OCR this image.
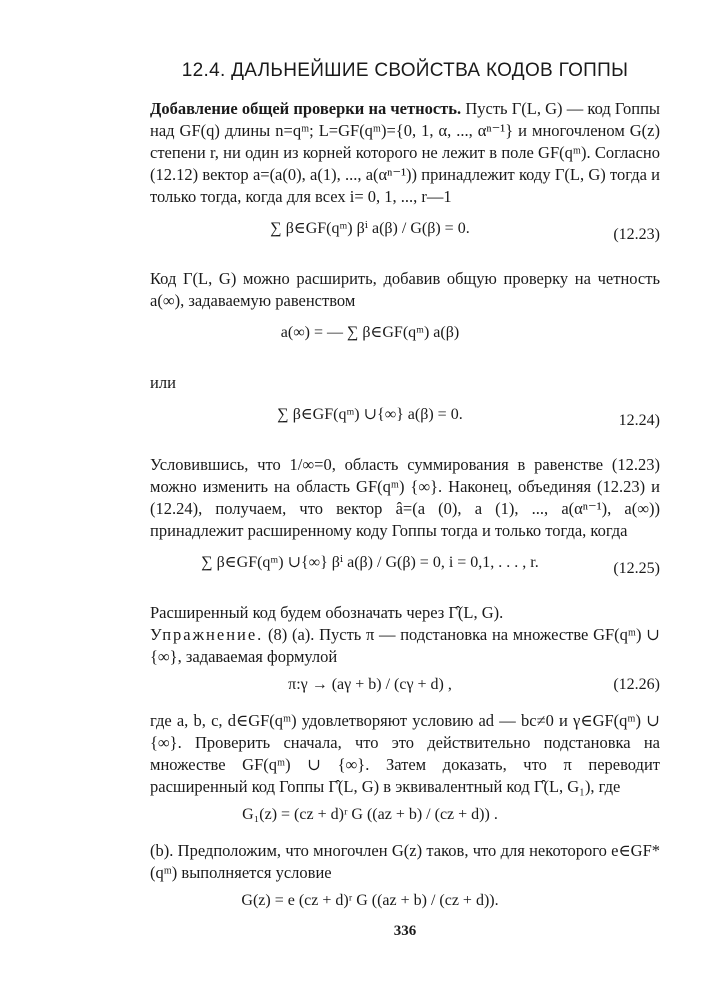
12.4. ДАЛЬНЕЙШИЕ СВОЙСТВА КОДОВ ГОППЫ

Добавление общей проверки на четность. Пусть Γ(L, G) — код Гоппы над GF(q) длины n=qᵐ; L=GF(qᵐ)={0, 1, α, ..., αⁿ⁻¹} и многочленом G(z) степени r, ни один из корней которого не лежит в поле GF(qᵐ). Согласно (12.12) вектор a=(a(0), a(1), ..., a(αⁿ⁻¹)) принадлежит коду Γ(L, G) тогда и только тогда, когда для всех i= 0, 1, ..., r—1

∑ β∈GF(qᵐ) βⁱ a(β) / G(β) = 0.	(12.23)

Код Γ(L, G) можно расширить, добавив общую проверку на четность a(∞), задаваемую равенством

a(∞) = — ∑ β∈GF(qᵐ) a(β)

или

∑ β∈GF(qᵐ) ∪{∞} a(β) = 0.	12.24)

Условившись, что 1/∞=0, область суммирования в равенстве (12.23) можно изменить на область GF(qᵐ) {∞}. Наконец, объединяя (12.23) и (12.24), получаем, что вектор â=(a (0), a (1), ..., a(αⁿ⁻¹), a(∞)) принадлежит расширенному коду Гоппы тогда и только тогда, когда

∑ β∈GF(qᵐ) ∪{∞} βⁱ a(β) / G(β) = 0, i = 0,1, . . . , r.	(12.25)

Расширенный код будем обозначать через Γ̂(L, G).

Упражнение. (8) (a). Пусть π — подстановка на множестве GF(qᵐ) ∪ {∞}, задаваемая формулой

π:γ → (aγ + b) / (cγ + d) ,	(12.26)

где a, b, c, d∈GF(qᵐ) удовлетворяют условию ad — bc≠0 и γ∈GF(qᵐ) ∪ {∞}. Проверить сначала, что это действительно подстановка на множестве GF(qᵐ) ∪ {∞}. Затем доказать, что π переводит расширенный код Гоппы Γ̂(L, G) в эквивалентный код Γ̂(L, G₁), где

G₁(z) = (cz + d)ʳ G ((az + b) / (cz + d)) .

(b). Предположим, что многочлен G(z) таков, что для некоторого e∈GF*(qᵐ) выполняется условие

G(z) = e (cz + d)ʳ G ((az + b) / (cz + d)).
336
